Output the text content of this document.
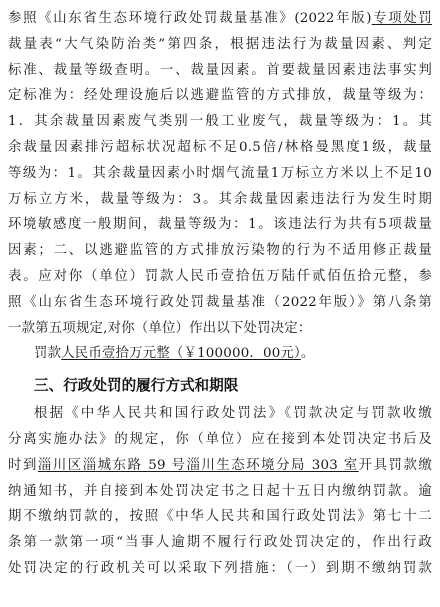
参照《山东省生态环境行政处罚裁量基准》(2022年版)专项处罚
裁量表“大气染防治类”第四条，根据违法行为裁量因素、判定
标准、裁量等级查明。一、裁量因素。首要裁量因素违法事实判
定标准为：经处理设施后以逃避监管的方式排放，裁量等级为：
1．其余裁量因素废气类别一般工业废气，裁量等级为：1。其
余裁量因素排污超标状况超标不足0.5倍/林格曼黑度1级，裁量
等级为：1。其余裁量因素小时烟气流量1万标立方米以上不足10
万标立方米，裁量等级为：3。其余裁量因素违法行为发生时期
环境敏感度一般期间，裁量等级为：1。该违法行为共有5项裁量
因素；二、以逃避监管的方式排放污染物的行为不适用修正裁量
表。应对你（单位）罚款人民币壹拾伍万陆仟贰佰伍拾元整，参
照《山东省生态环境行政处罚裁量基准（2022年版）》第八条第
一款第五项规定,对你（单位）作出以下处罚决定：
罚款人民币壹拾万元整（￥100000．00元）。
三、行政处罚的履行方式和期限
根据《中华人民共和国行政处罚法》《罚款决定与罚款收缴
分离实施办法》的规定，你（单位）应在接到本处罚决定书后及
时到淄川区淄城东路 59 号淄川生态环境分局 303 室开具罚款缴
纳通知书，并自接到本处罚决定书之日起十五日内缴纳罚款。逾
期不缴纳罚款的，按照《中华人民共和国行政处罚法》第七十二
条第一款第一项“当事人逾期不履行行政处罚决定的，作出行政
处罚决定的行政机关可以采取下列措施：（一）到期不缴纳罚款
